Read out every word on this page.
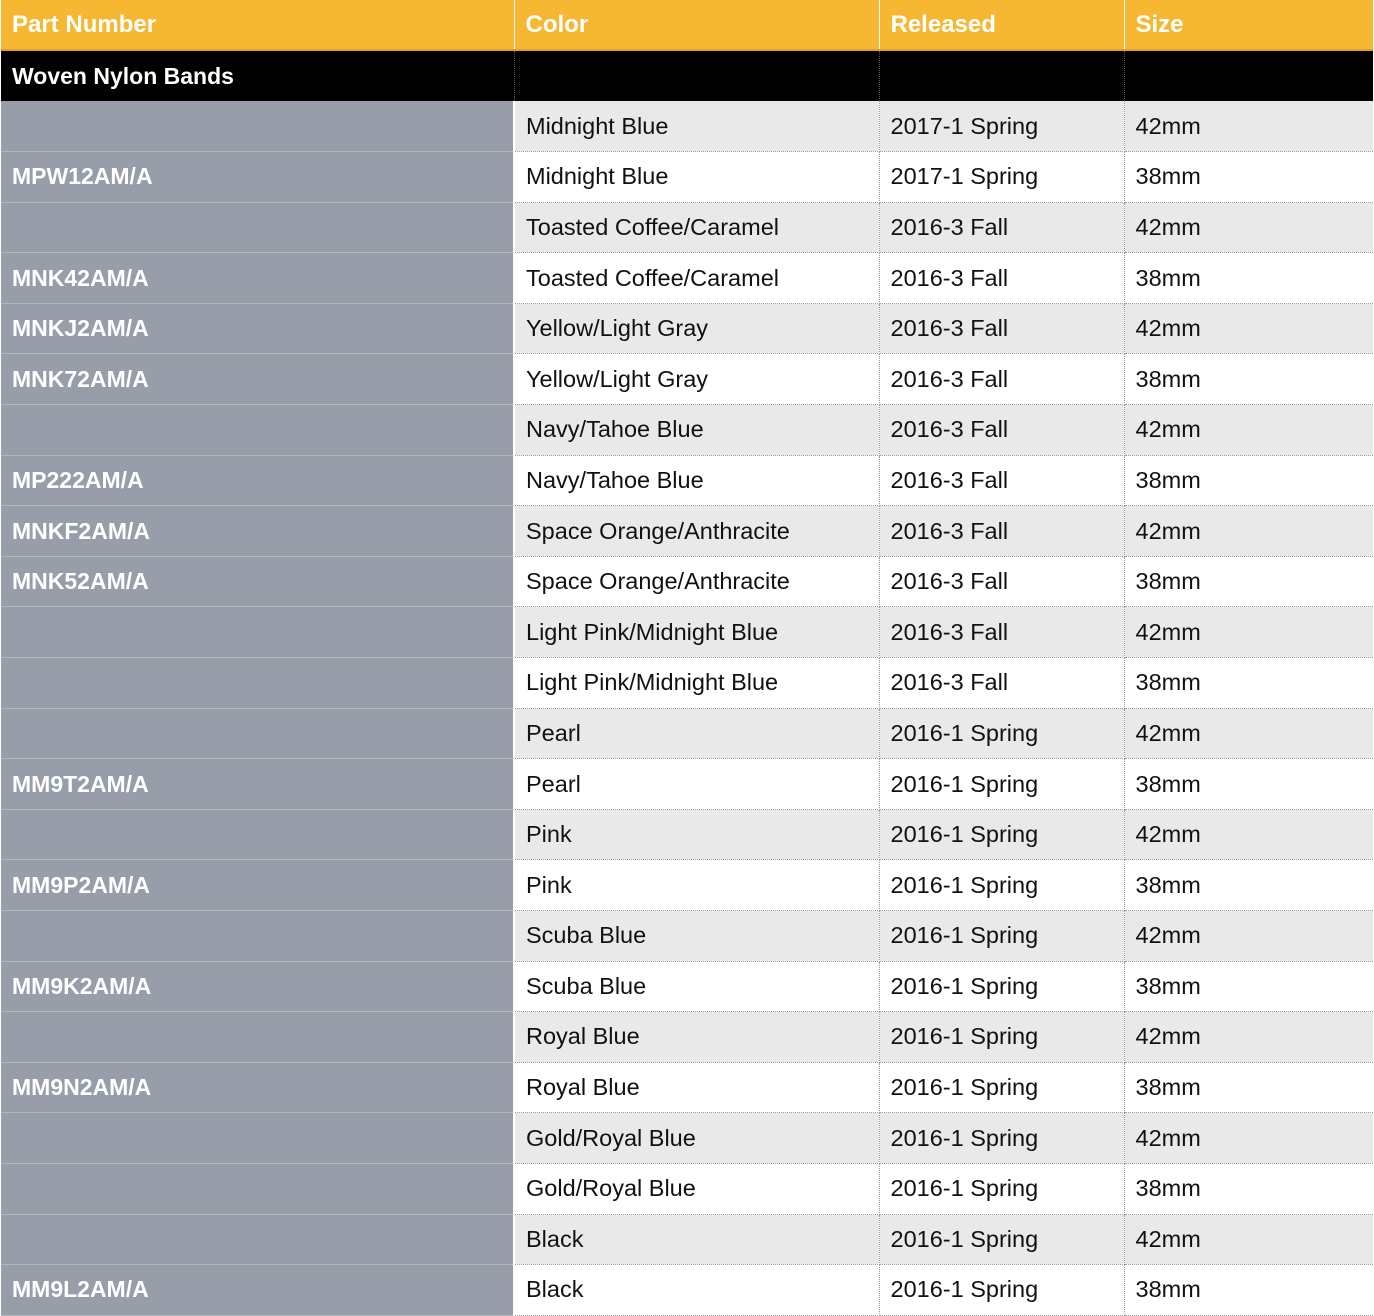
Part Number	Color	Released	Size
Woven Nylon Bands			
	Midnight Blue	2017-1 Spring	42mm
MPW12AM/A	Midnight Blue	2017-1 Spring	38mm
	Toasted Coffee/Caramel	2016-3 Fall	42mm
MNK42AM/A	Toasted Coffee/Caramel	2016-3 Fall	38mm
MNKJ2AM/A	Yellow/Light Gray	2016-3 Fall	42mm
MNK72AM/A	Yellow/Light Gray	2016-3 Fall	38mm
	Navy/Tahoe Blue	2016-3 Fall	42mm
MP222AM/A	Navy/Tahoe Blue	2016-3 Fall	38mm
MNKF2AM/A	Space Orange/Anthracite	2016-3 Fall	42mm
MNK52AM/A	Space Orange/Anthracite	2016-3 Fall	38mm
	Light Pink/Midnight Blue	2016-3 Fall	42mm
	Light Pink/Midnight Blue	2016-3 Fall	38mm
	Pearl	2016-1 Spring	42mm
MM9T2AM/A	Pearl	2016-1 Spring	38mm
	Pink	2016-1 Spring	42mm
MM9P2AM/A	Pink	2016-1 Spring	38mm
	Scuba Blue	2016-1 Spring	42mm
MM9K2AM/A	Scuba Blue	2016-1 Spring	38mm
	Royal Blue	2016-1 Spring	42mm
MM9N2AM/A	Royal Blue	2016-1 Spring	38mm
	Gold/Royal Blue	2016-1 Spring	42mm
	Gold/Royal Blue	2016-1 Spring	38mm
	Black	2016-1 Spring	42mm
MM9L2AM/A	Black	2016-1 Spring	38mm
